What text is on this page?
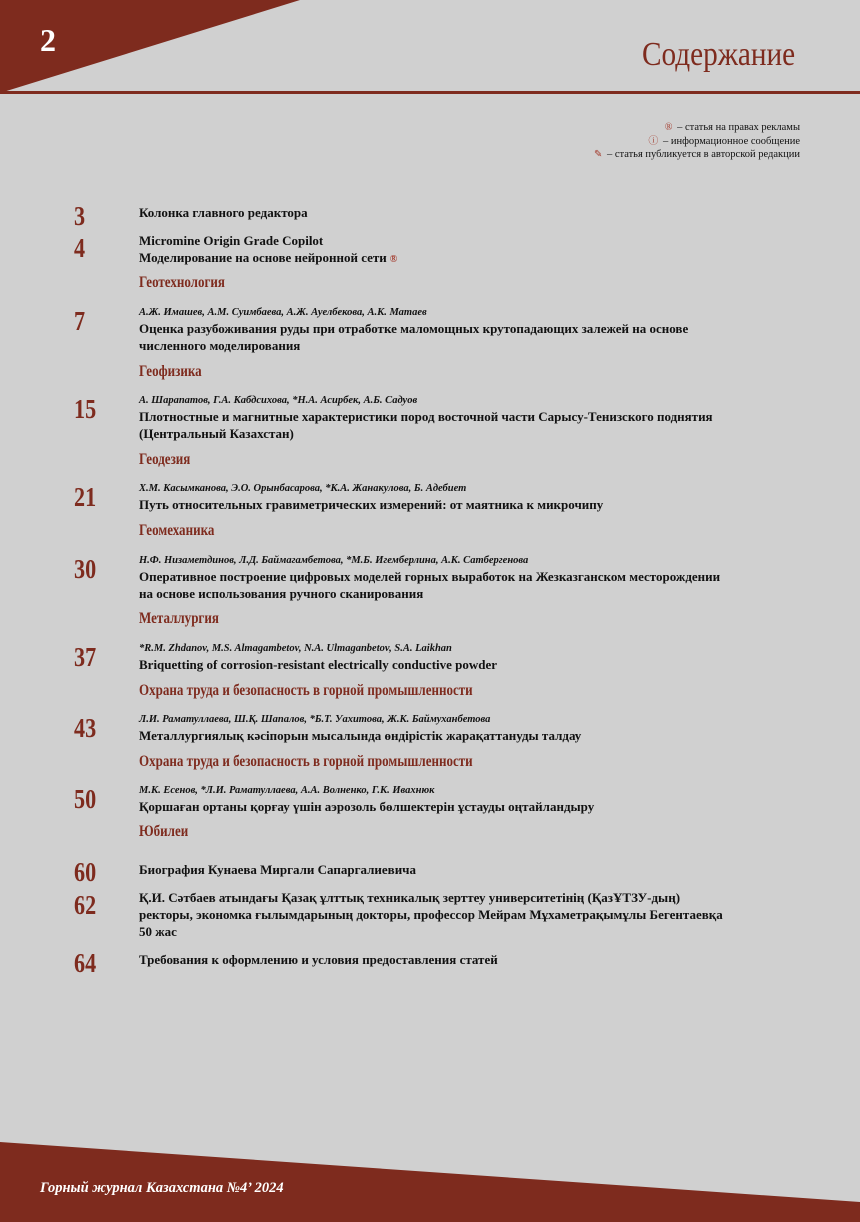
2	Содержание
® – статья на правах рекламы
ⓘ – информационное сообщение
✎ – статья публикуется в авторской редакции
3	Колонка главного редактора
4	Micromine Origin Grade Copilot
Моделирование на основе нейронной сети ®
Геотехнология
7	А.Ж. Имашев, А.М. Суимбаева, А.Ж. Ауелбекова, А.К. Матаев
Оценка разубоживания руды при отработке маломощных крутопадающих залежей на основе
численного моделирования
Геофизика
15	А. Шарапатов, Г.А. Кабдсихова, *Н.А. Асирбек, А.Б. Садуов
Плотностные и магнитные характеристики пород восточной части Сарысу-Тенизского поднятия
(Центральный Казахстан)
Геодезия
21	Х.М. Касымканова, Э.О. Орынбасарова, *К.А. Жанакулова, Б. Адебиет
Путь относительных гравиметрических измерений: от маятника к микрочипу
Геомеханика
30	Н.Ф. Низаметдинов, Л.Д. Баймагамбетова, *М.Б. Игемберлина, А.К. Сатбергенова
Оперативное построение цифровых моделей горных выработок на Жезказганском месторождении
на основе использования ручного сканирования
Металлургия
37	*R.M. Zhdanov, M.S. Almagambetov, N.A. Ulmaganbetov, S.A. Laikhan
Briquetting of corrosion-resistant electrically conductive powder
Охрана труда и безопасность в горной промышленности
43	Л.И. Раматуллаева, Ш.Қ. Шапалов, *Б.Т. Уахитова, Ж.К. Баймуханбетова
Металлургиялық кәсіпорын мысалында өндірістік жарақаттануды талдау
Охрана труда и безопасность в горной промышленности
50	М.К. Есенов, *Л.И. Раматуллаева, А.А. Волненко, Г.К. Ивахнюк
Қоршаған ортаны қорғау үшін аэрозоль бөлшектерін ұстауды оңтайландыру
Юбилеи
60	Биография Кунаева Миргали Сапаргалиевича
62	Қ.И. Сәтбаев атындағы Қазақ ұлттық техникалық зерттеу университетінің (ҚазҰТЗУ-дың)
ректоры, экономка ғылымдарының докторы, профессор Мейрам Мұхаметрақымұлы Бегентаевқа
50 жас
64	Требования к оформлению и условия предоставления статей
Горный журнал Казахстана №4’ 2024
